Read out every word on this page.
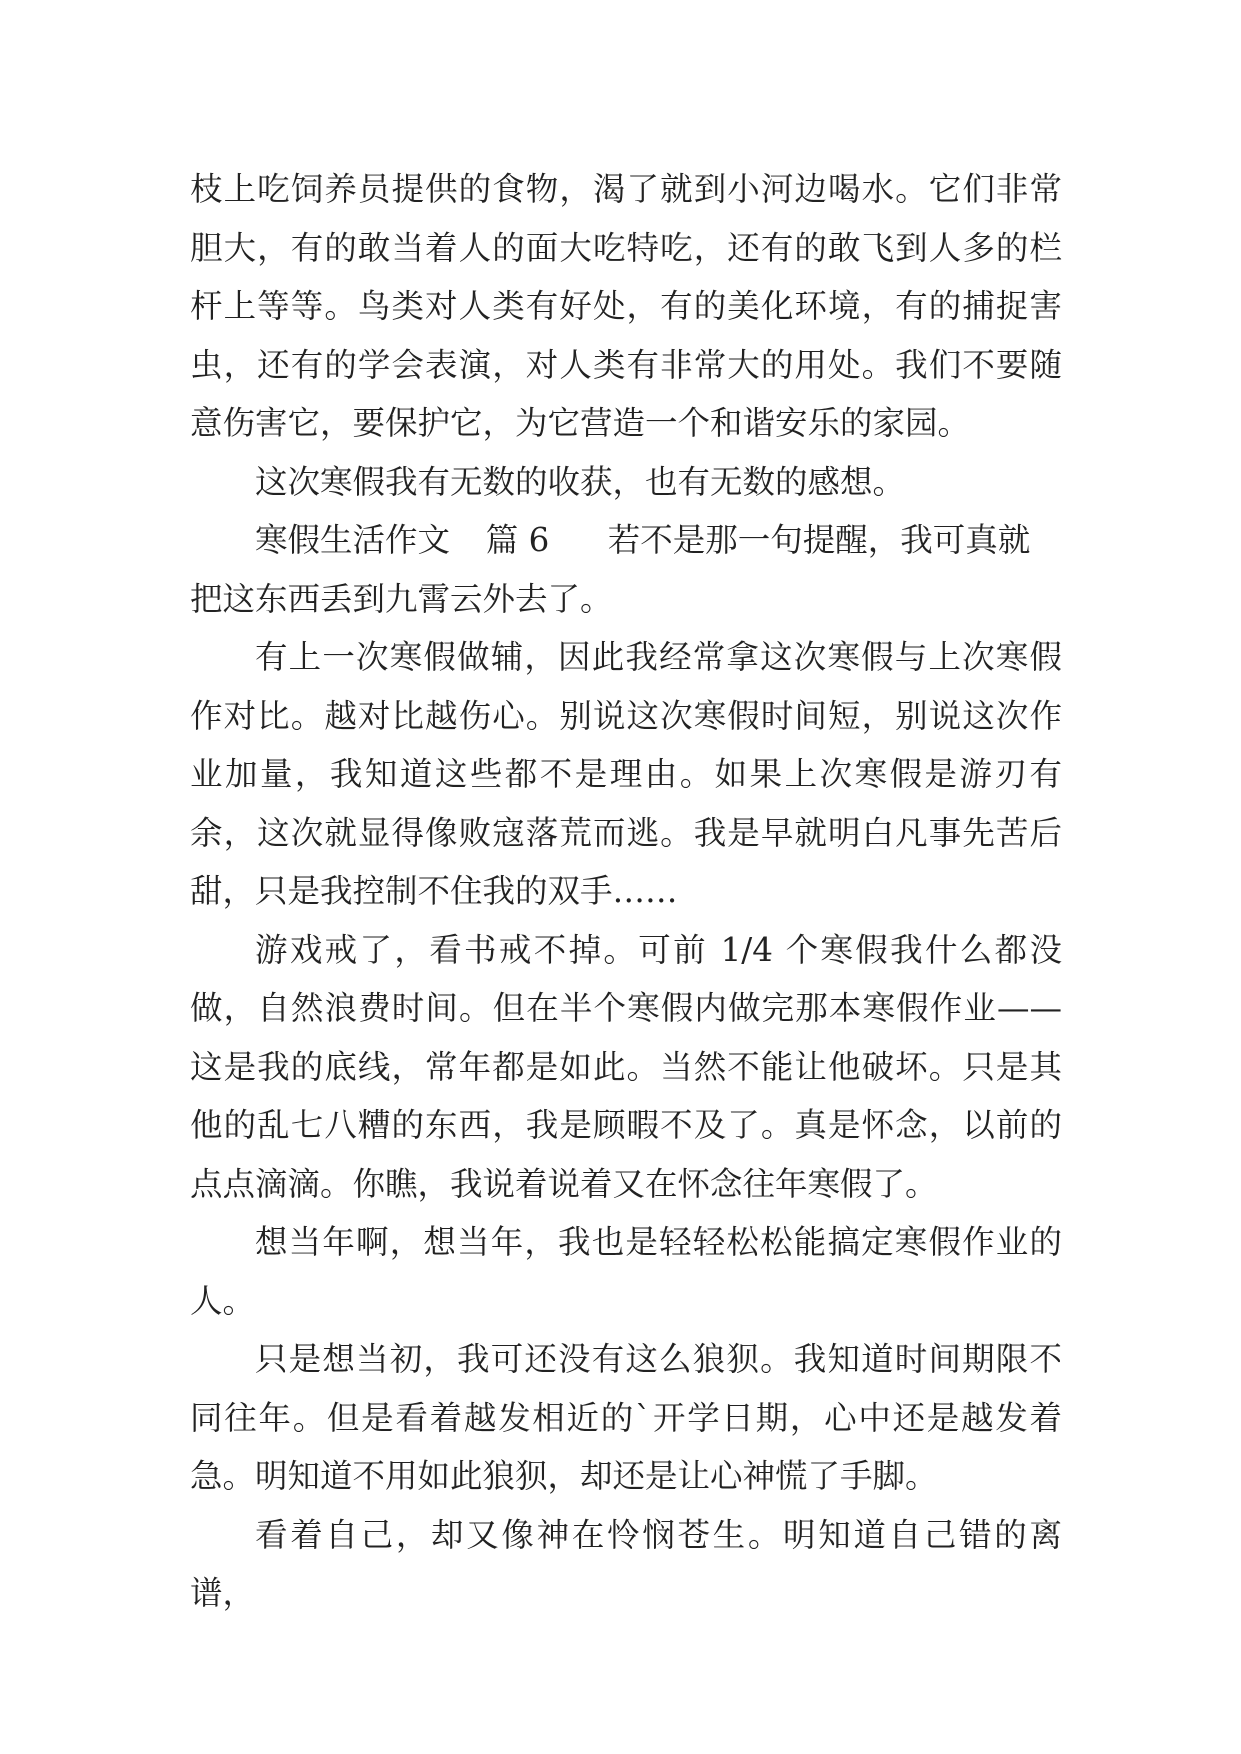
枝上吃饲养员提供的食物，渴了就到小河边喝水。它们非常胆大，有的敢当着人的面大吃特吃，还有的敢飞到人多的栏杆上等等。鸟类对人类有好处，有的美化环境，有的捕捉害虫，还有的学会表演，对人类有非常大的用处。我们不要随意伤害它，要保护它，为它营造一个和谐安乐的家园。

这次寒假我有无数的收获，也有无数的感想。

寒假生活作文 篇 6 若不是那一句提醒，我可真就把这东西丢到九霄云外去了。

有上一次寒假做辅，因此我经常拿这次寒假与上次寒假作对比。越对比越伤心。别说这次寒假时间短，别说这次作业加量，我知道这些都不是理由。如果上次寒假是游刃有余，这次就显得像败寇落荒而逃。我是早就明白凡事先苦后甜，只是我控制不住我的双手……

游戏戒了，看书戒不掉。可前 1/4 个寒假我什么都没做，自然浪费时间。但在半个寒假内做完那本寒假作业——这是我的底线，常年都是如此。当然不能让他破坏。只是其他的乱七八糟的东西，我是顾暇不及了。真是怀念，以前的点点滴滴。你瞧，我说着说着又在怀念往年寒假了。

想当年啊，想当年，我也是轻轻松松能搞定寒假作业的人。

只是想当初，我可还没有这么狼狈。我知道时间期限不同往年。但是看着越发相近的`开学日期，心中还是越发着急。明知道不用如此狼狈，却还是让心神慌了手脚。

看着自己，却又像神在怜悯苍生。明知道自己错的离谱，
